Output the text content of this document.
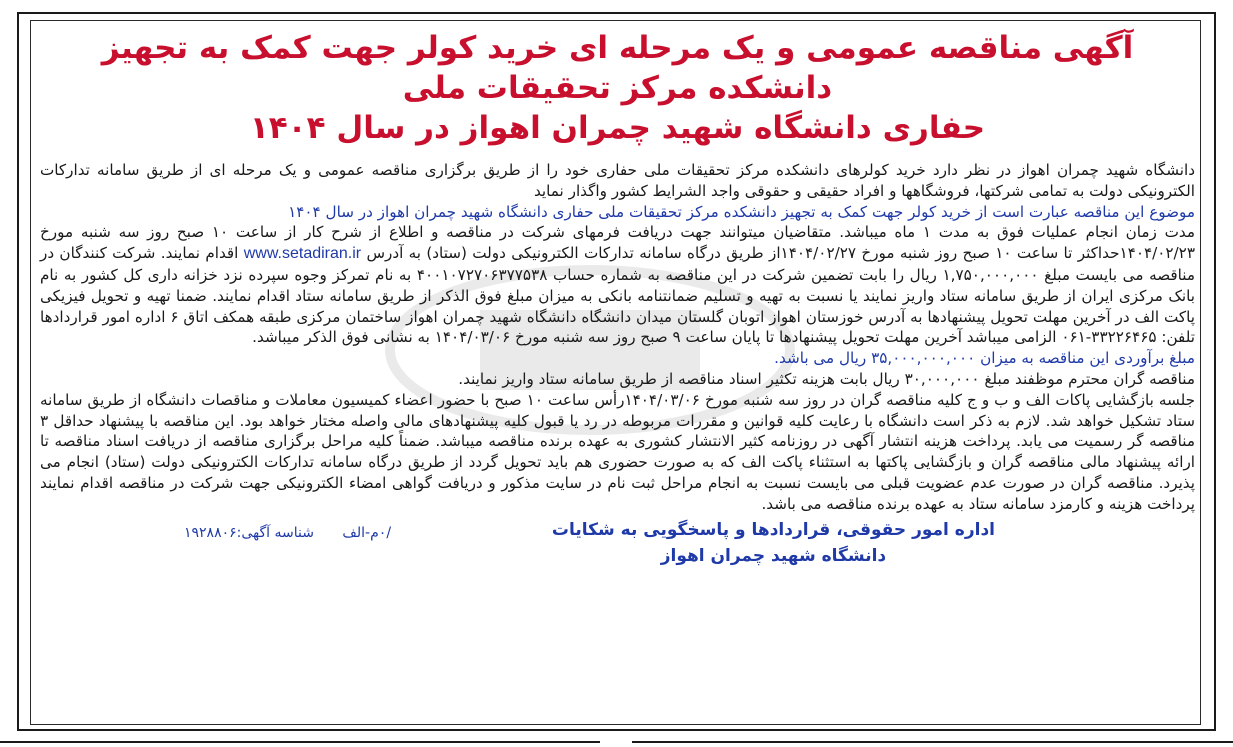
آگهی مناقصه عمومی و یک مرحله ای خرید کولر جهت کمک به تجهیز دانشکده مرکز تحقیقات ملی
حفاری دانشگاه شهید چمران اهواز در سال ۱۴۰۴

دانشگاه شهید چمران اهواز در نظر دارد خرید کولرهای دانشکده مرکز تحقیقات ملی حفاری خود را از طریق برگزاری مناقصه عمومی و یک مرحله ای از طریق سامانه تدارکات الکترونیکی دولت به تمامی شرکتها، فروشگاهها و افراد حقیقی و حقوقی واجد الشرایط کشور واگذار نماید

موضوع این مناقصه عبارت است از خرید کولر جهت کمک به تجهیز دانشکده مرکز تحقیقات ملی حفاری دانشگاه شهید چمران اهواز در سال ۱۴۰۴

مدت زمان انجام عملیات فوق به مدت ۱ ماه میباشد. متقاضیان میتوانند جهت دریافت فرمهای شرکت در مناقصه و اطلاع از شرح کار از ساعت ۱۰ صبح روز سه شنبه مورخ ۱۴۰۴/۰۲/۲۳حداکثر تا ساعت ۱۰ صبح روز شنبه مورخ ۱۴۰۴/۰۲/۲۷از طریق درگاه سامانه تدارکات الکترونیکی دولت (ستاد) به آدرس www.setadiran.ir اقدام نمایند. شرکت کنندگان در مناقصه می بایست مبلغ ۱,۷۵۰,۰۰۰,۰۰۰ ریال را بابت تضمین شرکت در این مناقصه به شماره حساب ۴۰۰۱۰۷۲۷۰۶۳۷۷۵۳۸ به نام تمرکز وجوه سپرده نزد خزانه داری کل کشور به نام بانک مرکزی ایران از طریق سامانه ستاد واریز نمایند یا نسبت به تهیه و تسلیم ضمانتنامه بانکی به میزان مبلغ فوق الذکر از طریق سامانه ستاد اقدام نمایند. ضمنا تهیه و تحویل فیزیکی پاکت الف در آخرین مهلت تحویل پیشنهادها به آدرس خوزستان اهواز اتوبان گلستان میدان دانشگاه دانشگاه شهید چمران اهواز ساختمان مرکزی طبقه همکف اتاق ۶ اداره امور قراردادها تلفن: ۳۳۲۲۶۴۶۵-۰۶۱ الزامی میباشد آخرین مهلت تحویل پیشنهادها تا پایان ساعت ۹ صبح روز سه شنبه مورخ ۱۴۰۴/۰۳/۰۶ به نشانی فوق الذکر میباشد.

مبلغ برآوردی این مناقصه به میزان ۳۵,۰۰۰,۰۰۰,۰۰۰ ریال می باشد.

مناقصه گران محترم موظفند مبلغ ۳۰,۰۰۰,۰۰۰ ریال بابت هزینه تکثیر اسناد مناقصه از طریق سامانه ستاد واریز نمایند.

جلسه بازگشایی پاکات الف و ب و ج کلیه مناقصه گران در روز سه شنبه مورخ ۱۴۰۴/۰۳/۰۶رأس ساعت ۱۰ صبح با حضور اعضاء کمیسیون معاملات و مناقصات دانشگاه از طریق سامانه ستاد تشکیل خواهد شد. لازم به ذکر است دانشگاه با رعایت کلیه قوانین و مقررات مربوطه در رد یا قبول کلیه پیشنهادهای مالی واصله مختار خواهد بود. این مناقصه با پیشنهاد حداقل ۳ مناقصه گر رسمیت می یابد. پرداخت هزینه انتشار آگهی در روزنامه کثیر الانتشار کشوری به عهده برنده مناقصه میباشد. ضمناً کلیه مراحل برگزاری مناقصه از دریافت اسناد مناقصه تا ارائه پیشنهاد مالی مناقصه گران و بازگشایی پاکتها به استثناء پاکت الف که به صورت حضوری هم باید تحویل گردد از طریق درگاه سامانه تدارکات الکترونیکی دولت (ستاد) انجام می پذیرد. مناقصه گران در صورت عدم عضویت قبلی می بایست نسبت به انجام مراحل ثبت نام در سایت مذکور و دریافت گواهی امضاء الکترونیکی جهت شرکت در مناقصه اقدام نمایند پرداخت هزینه و کارمزد سامانه ستاد به عهده برنده مناقصه می باشد.

اداره امور حقوقی، قراردادها و پاسخگویی به شکایات
دانشگاه شهید چمران اهواز
/۰م-الف شناسه آگهی:۱۹۲۸۸۰۶
